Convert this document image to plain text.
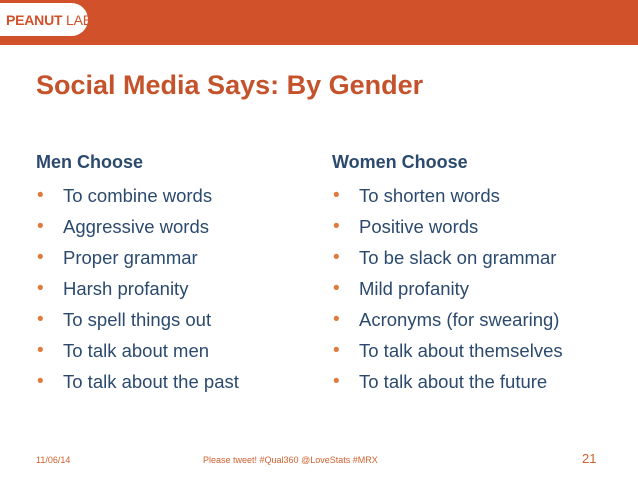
PEANUT LABS
Social Media Says: By Gender
Men Choose
• To combine words
• Aggressive words
• Proper grammar
• Harsh profanity
• To spell things out
• To talk about men
• To talk about the past
Women Choose
• To shorten words
• Positive words
• To be slack on grammar
• Mild profanity
• Acronyms (for swearing)
• To talk about themselves
• To talk about the future
11/06/14	Please tweet! #Qual360 @LoveStats #MRX	21
